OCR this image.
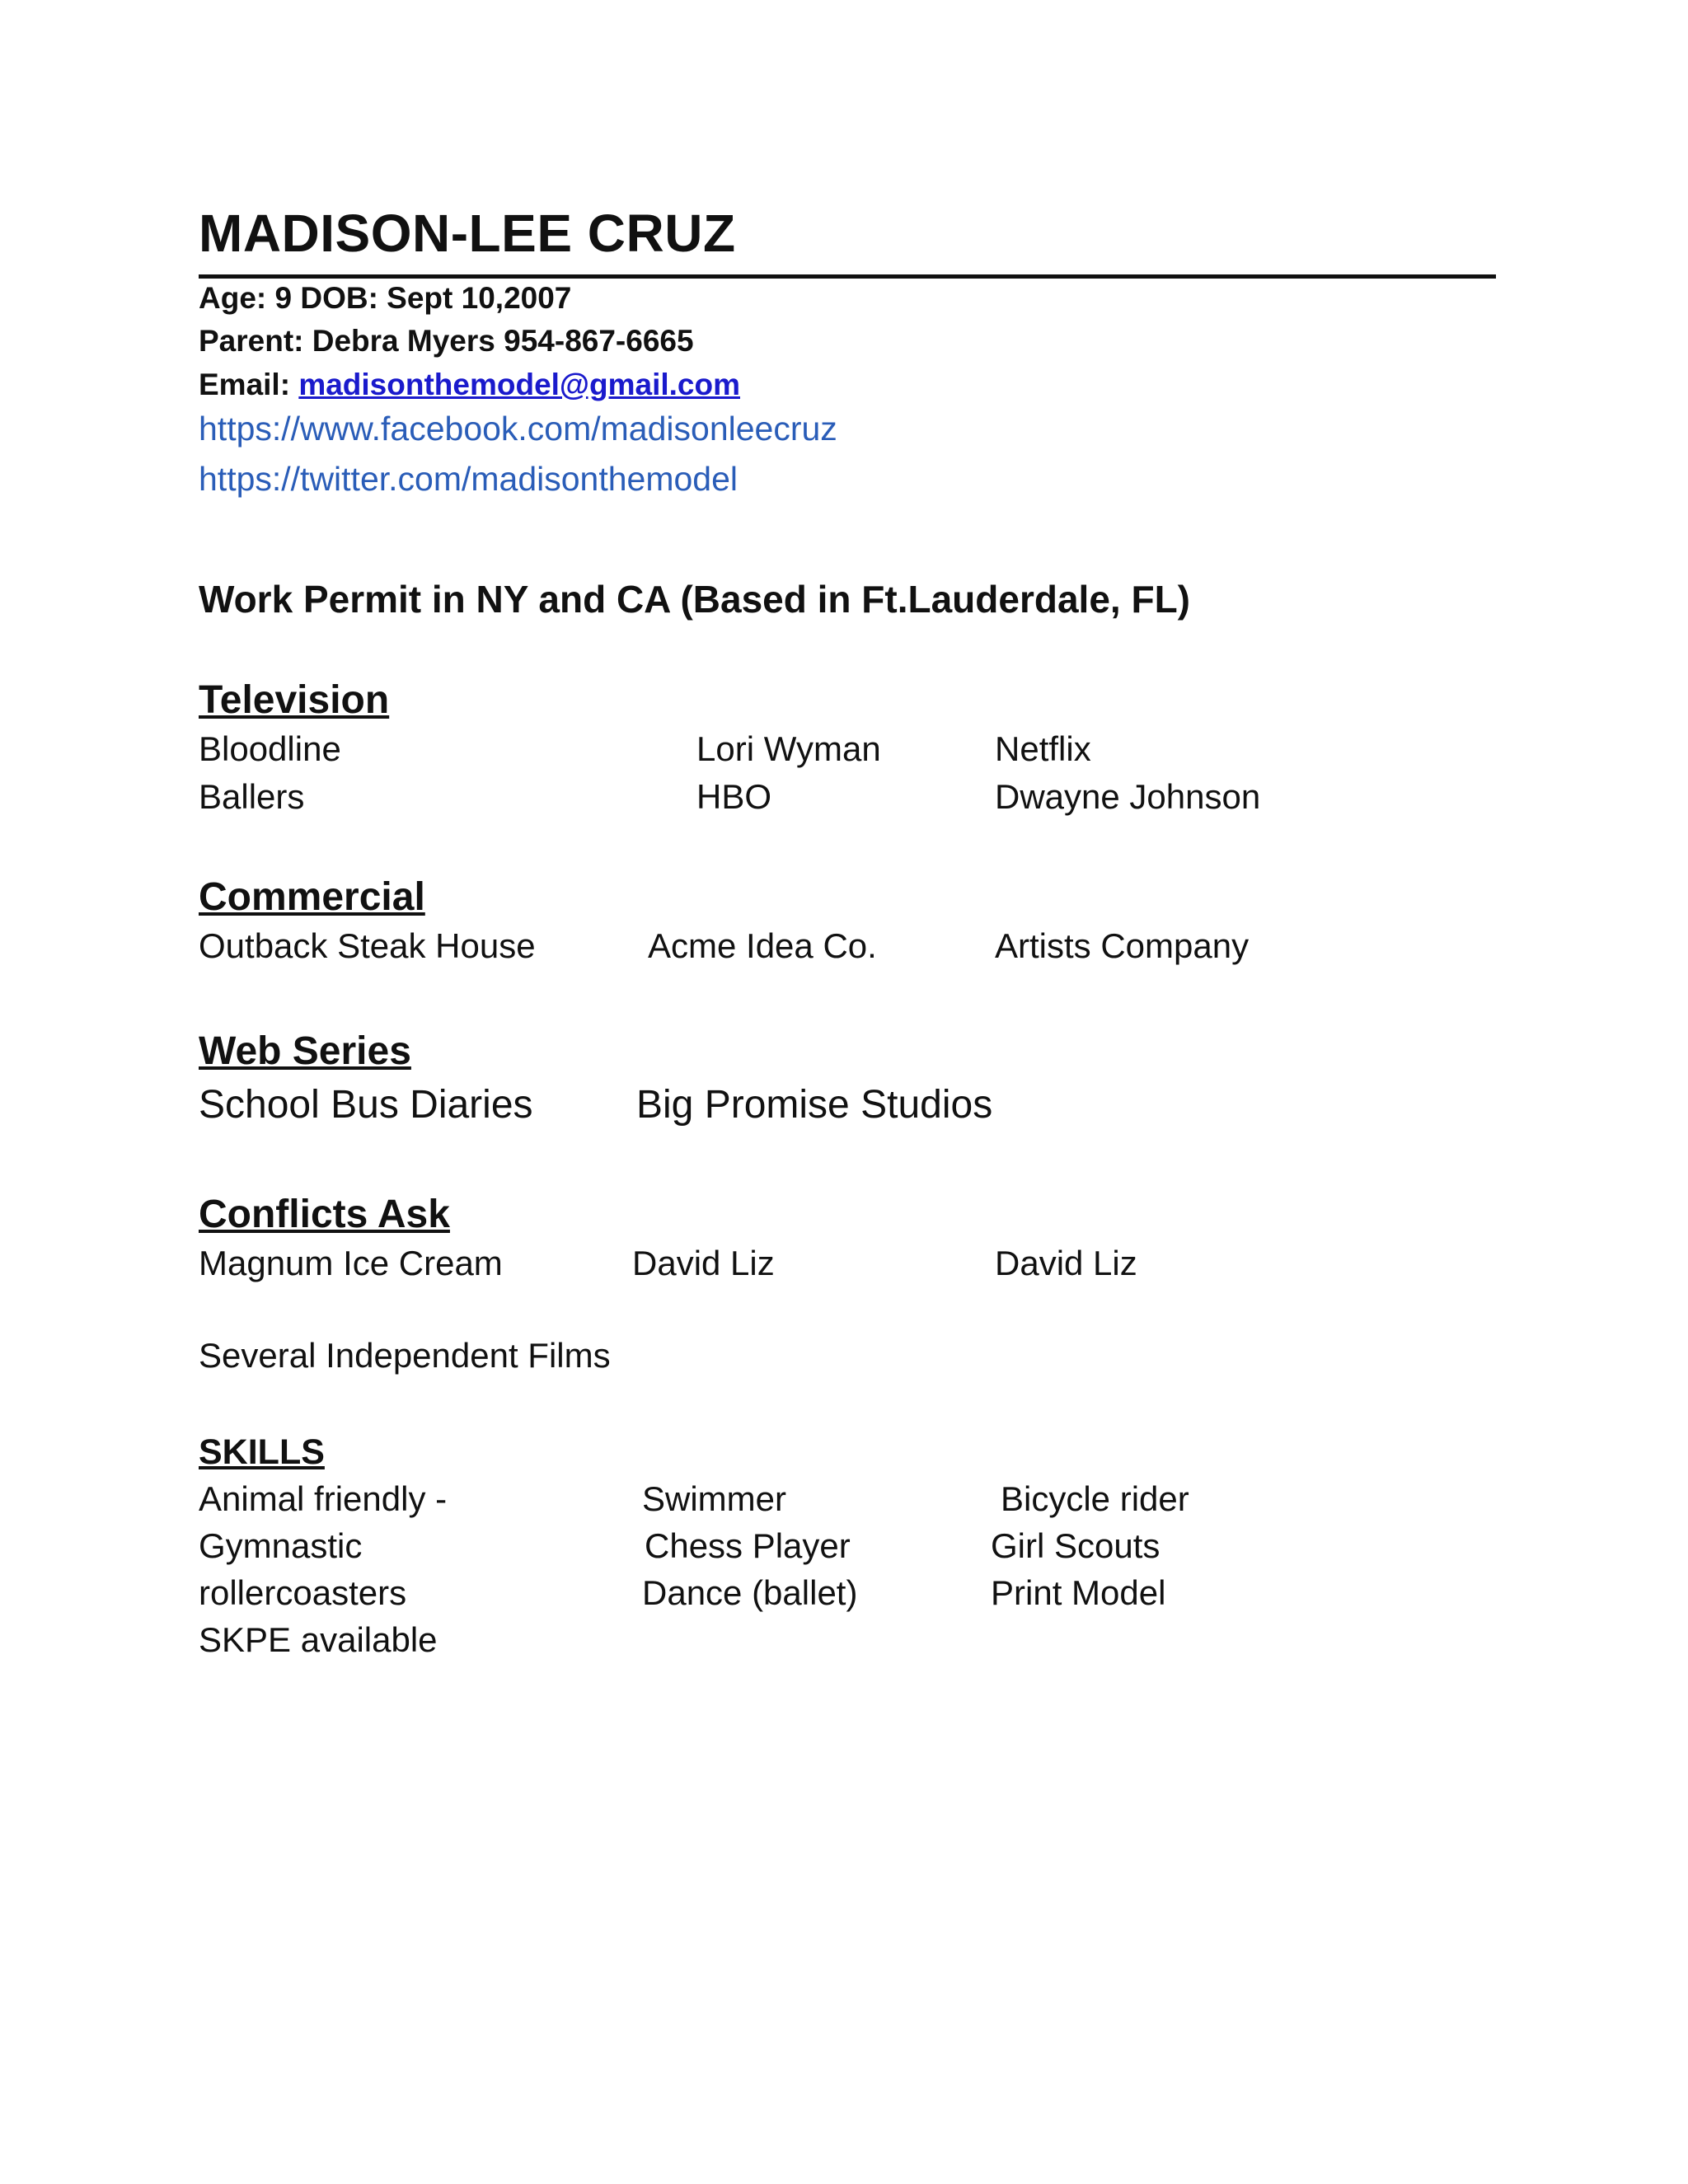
MADISON-LEE CRUZ
Age: 9 DOB: Sept 10,2007
Parent: Debra Myers 954-867-6665
Email: madisonthemodel@gmail.com
https://www.facebook.com/madisonleecruz
https://twitter.com/madisonthemodel
Work Permit in NY and CA (Based in Ft.Lauderdale, FL)
Television
Bloodline	Lori Wyman	Netflix
Ballers	HBO	Dwayne Johnson
Commercial
Outback Steak House	Acme Idea Co.	Artists Company
Web Series
School Bus Diaries	Big Promise Studios
Conflicts Ask
Magnum Ice Cream	David Liz	David Liz
Several Independent Films
SKILLS
Animal friendly -	Swimmer	Bicycle rider
Gymnastic	Chess Player	Girl Scouts
rollercoasters	Dance (ballet)	Print Model
SKPE available
